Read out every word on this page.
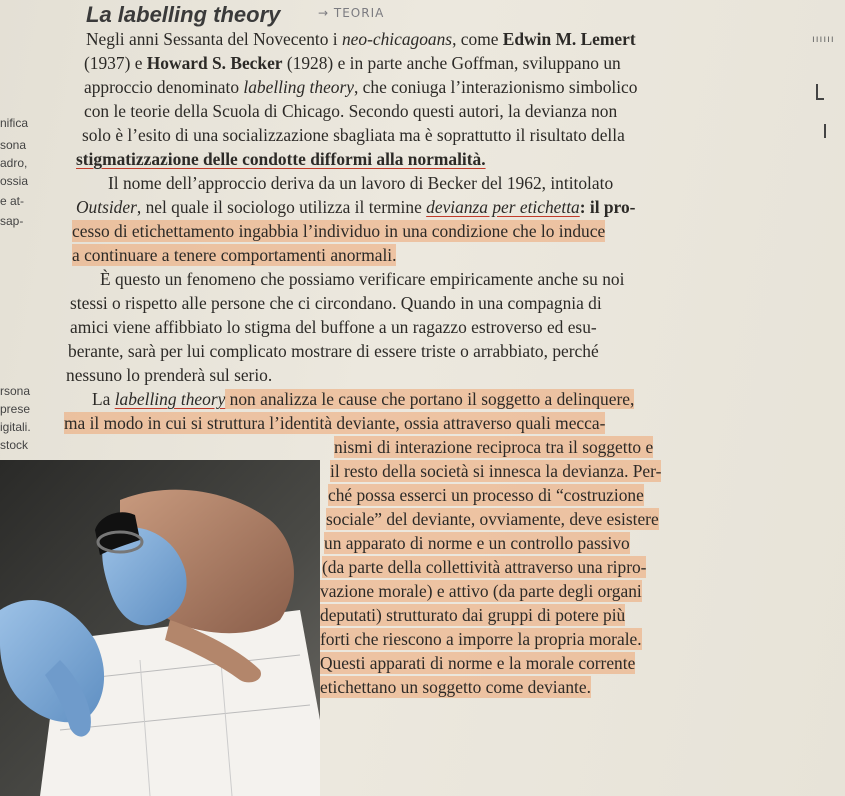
La labelling theory	→ TEORIA
ıııııı
nifica
sona
adro,
ossia
e at-
sap-
rsona
prese
igitali.
stock
Negli anni Sessanta del Novecento i neo-chicagoans, come Edwin M. Lemert
(1937) e Howard S. Becker (1928) e in parte anche Goffman, sviluppano un
approccio denominato labelling theory, che coniuga l’interazionismo simbolico
con le teorie della Scuola di Chicago. Secondo questi autori, la devianza non
solo è l’esito di una socializzazione sbagliata ma è soprattutto il risultato della
stigmatizzazione delle condotte difformi alla normalità.
Il nome dell’approccio deriva da un lavoro di Becker del 1962, intitolato
Outsider, nel quale il sociologo utilizza il termine devianza per etichetta: il pro-
cesso di etichettamento ingabbia l’individuo in una condizione che lo induce
a continuare a tenere comportamenti anormali.
È questo un fenomeno che possiamo verificare empiricamente anche su noi
stessi o rispetto alle persone che ci circondano. Quando in una compagnia di
amici viene affibbiato lo stigma del buffone a un ragazzo estroverso ed esu-
berante, sarà per lui complicato mostrare di essere triste o arrabbiato, perché
nessuno lo prenderà sul serio.
La labelling theory non analizza le cause che portano il soggetto a delinquere,
ma il modo in cui si struttura l’identità deviante, ossia attraverso quali mecca-
nismi di interazione reciproca tra il soggetto e
il resto della società si innesca la devianza. Per-
ché possa esserci un processo di “costruzione
sociale” del deviante, ovviamente, deve esistere
un apparato di norme e un controllo passivo
(da parte della collettività attraverso una ripro-
vazione morale) e attivo (da parte degli organi
deputati) strutturato dai gruppi di potere più
forti che riescono a imporre la propria morale.
Questi apparati di norme e la morale corrente
etichettano un soggetto come deviante.
